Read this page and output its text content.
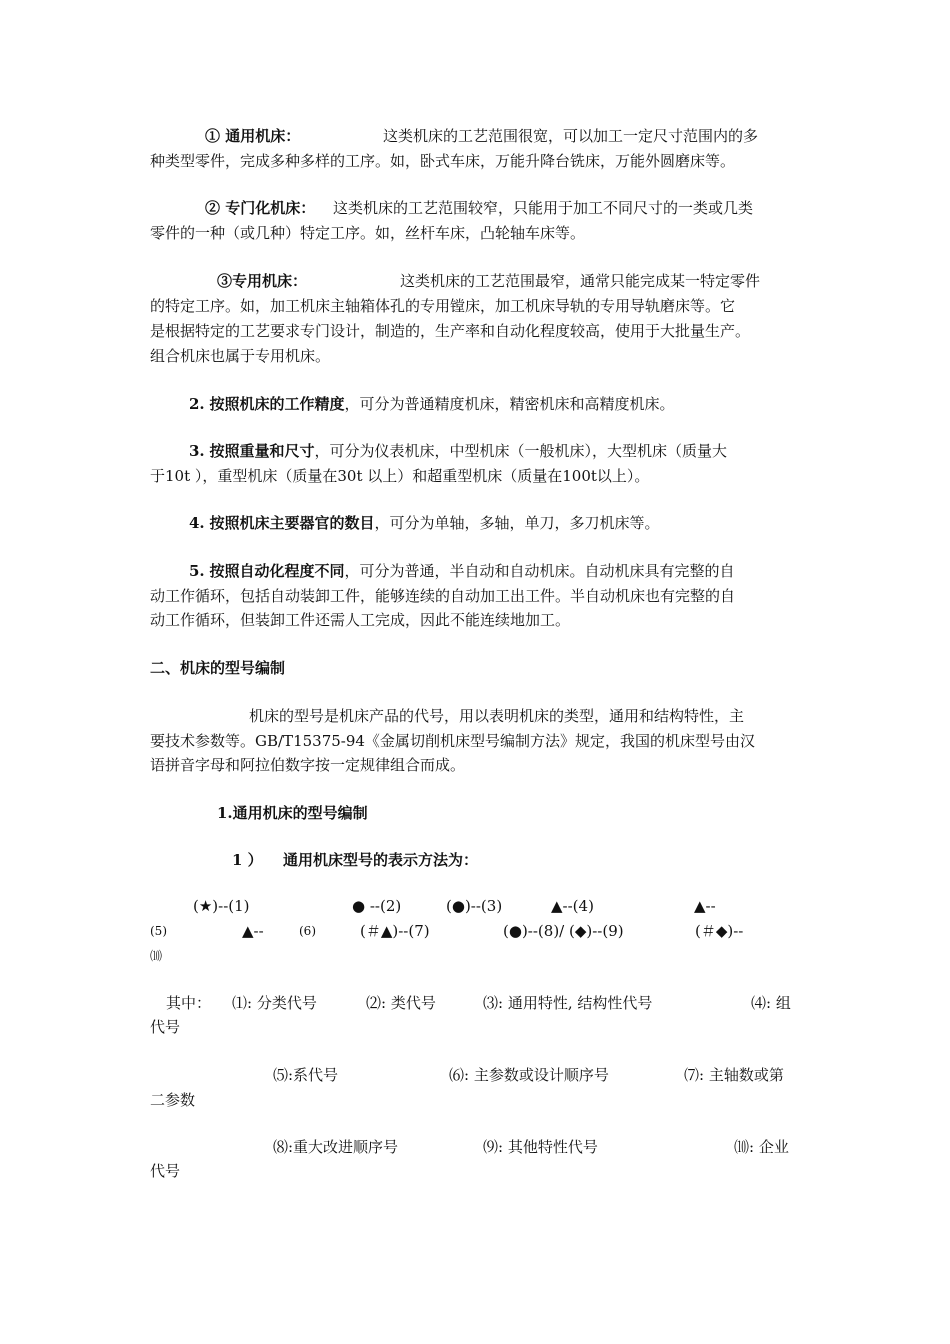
① 通用机床：	这类机床的工艺范围很宽，可以加工一定尺寸范围内的多
种类型零件，完成多种多样的工序。如，卧式车床，万能升降台铣床，万能外圆磨床等。
② 专门化机床： 这类机床的工艺范围较窄，只能用于加工不同尺寸的一类或几类
零件的一种（或几种）特定工序。如，丝杆车床，凸轮轴车床等。
③专用机床：	这类机床的工艺范围最窄，通常只能完成某一特定零件
的特定工序。如，加工机床主轴箱体孔的专用镗床，加工机床导轨的专用导轨磨床等。它
是根据特定的工艺要求专门设计，制造的，生产率和自动化程度较高，使用于大批量生产。
组合机床也属于专用机床。
2. 按照机床的工作精度，可分为普通精度机床，精密机床和高精度机床。
3. 按照重量和尺寸，可分为仪表机床，中型机床（一般机床），大型机床（质量大
于10t ），重型机床（质量在30t 以上）和超重型机床（质量在100t以上）。
4. 按照机床主要器官的数目，可分为单轴，多轴，单刀，多刀机床等。
5. 按照自动化程度不同，可分为普通，半自动和自动机床。自动机床具有完整的自
动工作循环，包括自动装卸工件，能够连续的自动加工出工件。半自动机床也有完整的自
动工作循环，但装卸工件还需人工完成，因此不能连续地加工。
二、机床的型号编制
机床的型号是机床产品的代号，用以表明机床的类型，通用和结构特性，主
要技术参数等。GB/T15375-94《金属切削机床型号编制方法》规定，我国的机床型号由汉
语拼音字母和阿拉伯数字按一定规律组合而成。
1.通用机床的型号编制
1 ） 通用机床型号的表示方法为：
(★)--(1)	● --(2)	(●)--(3)	▲--(4)	▲--
(5)	▲--	(6)	(＃▲)--(7)	(●)--(8)/ (◆)--(9)	(＃◆)--
⑽
其中： ⑴: 分类代号	⑵: 类代号	⑶: 通用特性, 结构性代号	⑷: 组
代号
⑸:系代号	⑹: 主参数或设计顺序号	⑺: 主轴数或第
二参数
⑻:重大改进顺序号	⑼: 其他特性代号	⑽: 企业
代号
